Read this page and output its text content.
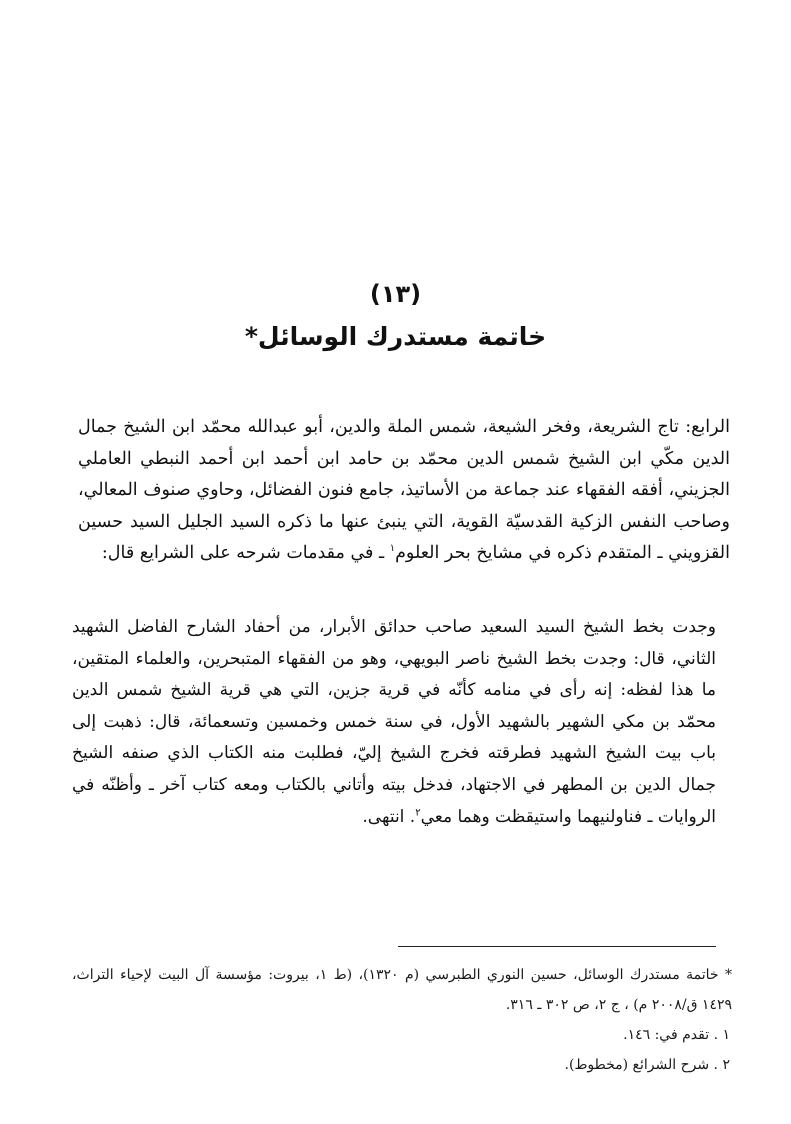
(١٣)
خاتمة مستدرك الوسائل*

الرابع: تاج الشريعة، وفخر الشيعة، شمس الملة والدين، أبو عبدالله محمّد ابن الشيخ جمال الدين مكّي ابن الشيخ شمس الدين محمّد بن حامد ابن أحمد ابن أحمد النبطي العاملي الجزيني، أفقه الفقهاء عند جماعة من الأساتيذ، جامع فنون الفضائل، وحاوي صنوف المعالي، وصاحب النفس الزكية القدسيّة القوية، التي ينبئ عنها ما ذكره السيد الجليل السيد حسين القزويني ـ المتقدم ذكره في مشايخ بحر العلوم$^١$ ـ في مقدمات شرحه على الشرايع قال:

وجدت بخط الشيخ السيد السعيد صاحب حدائق الأبرار، من أحفاد الشارح الفاضل الشهيد الثاني، قال: وجدت بخط الشيخ ناصر البويهي، وهو من الفقهاء المتبحرين، والعلماء المتقين، ما هذا لفظه: إنه رأى في منامه كأنّه في قرية جزين، التي هي قرية الشيخ شمس الدين محمّد بن مكي الشهير بالشهيد الأول، في سنة خمس وخمسين وتسعمائة، قال: ذهبت إلى باب بيت الشيخ الشهيد فطرقته فخرج الشيخ إليّ، فطلبت منه الكتاب الذي صنفه الشيخ جمال الدين بن المطهر في الاجتهاد، فدخل بيته وأتاني بالكتاب ومعه كتاب آخر ـ وأظنّه في الروايات ـ فناولنيهما واستيقظت وهما معي$^٢$. انتهى.

* خاتمة مستدرك الوسائل، حسين النوري الطبرسي (م ١٣٢٠)، (ط ١، بيروت: مؤسسة آل البيت لإحياء التراث، ١٤٢٩ ق/٢٠٠٨ م) ، ج ٢، ص ٣٠٢ ـ ٣١٦.

١ . تقدم في: ١٤٦.

٢ . شرح الشرائع (مخطوط).
